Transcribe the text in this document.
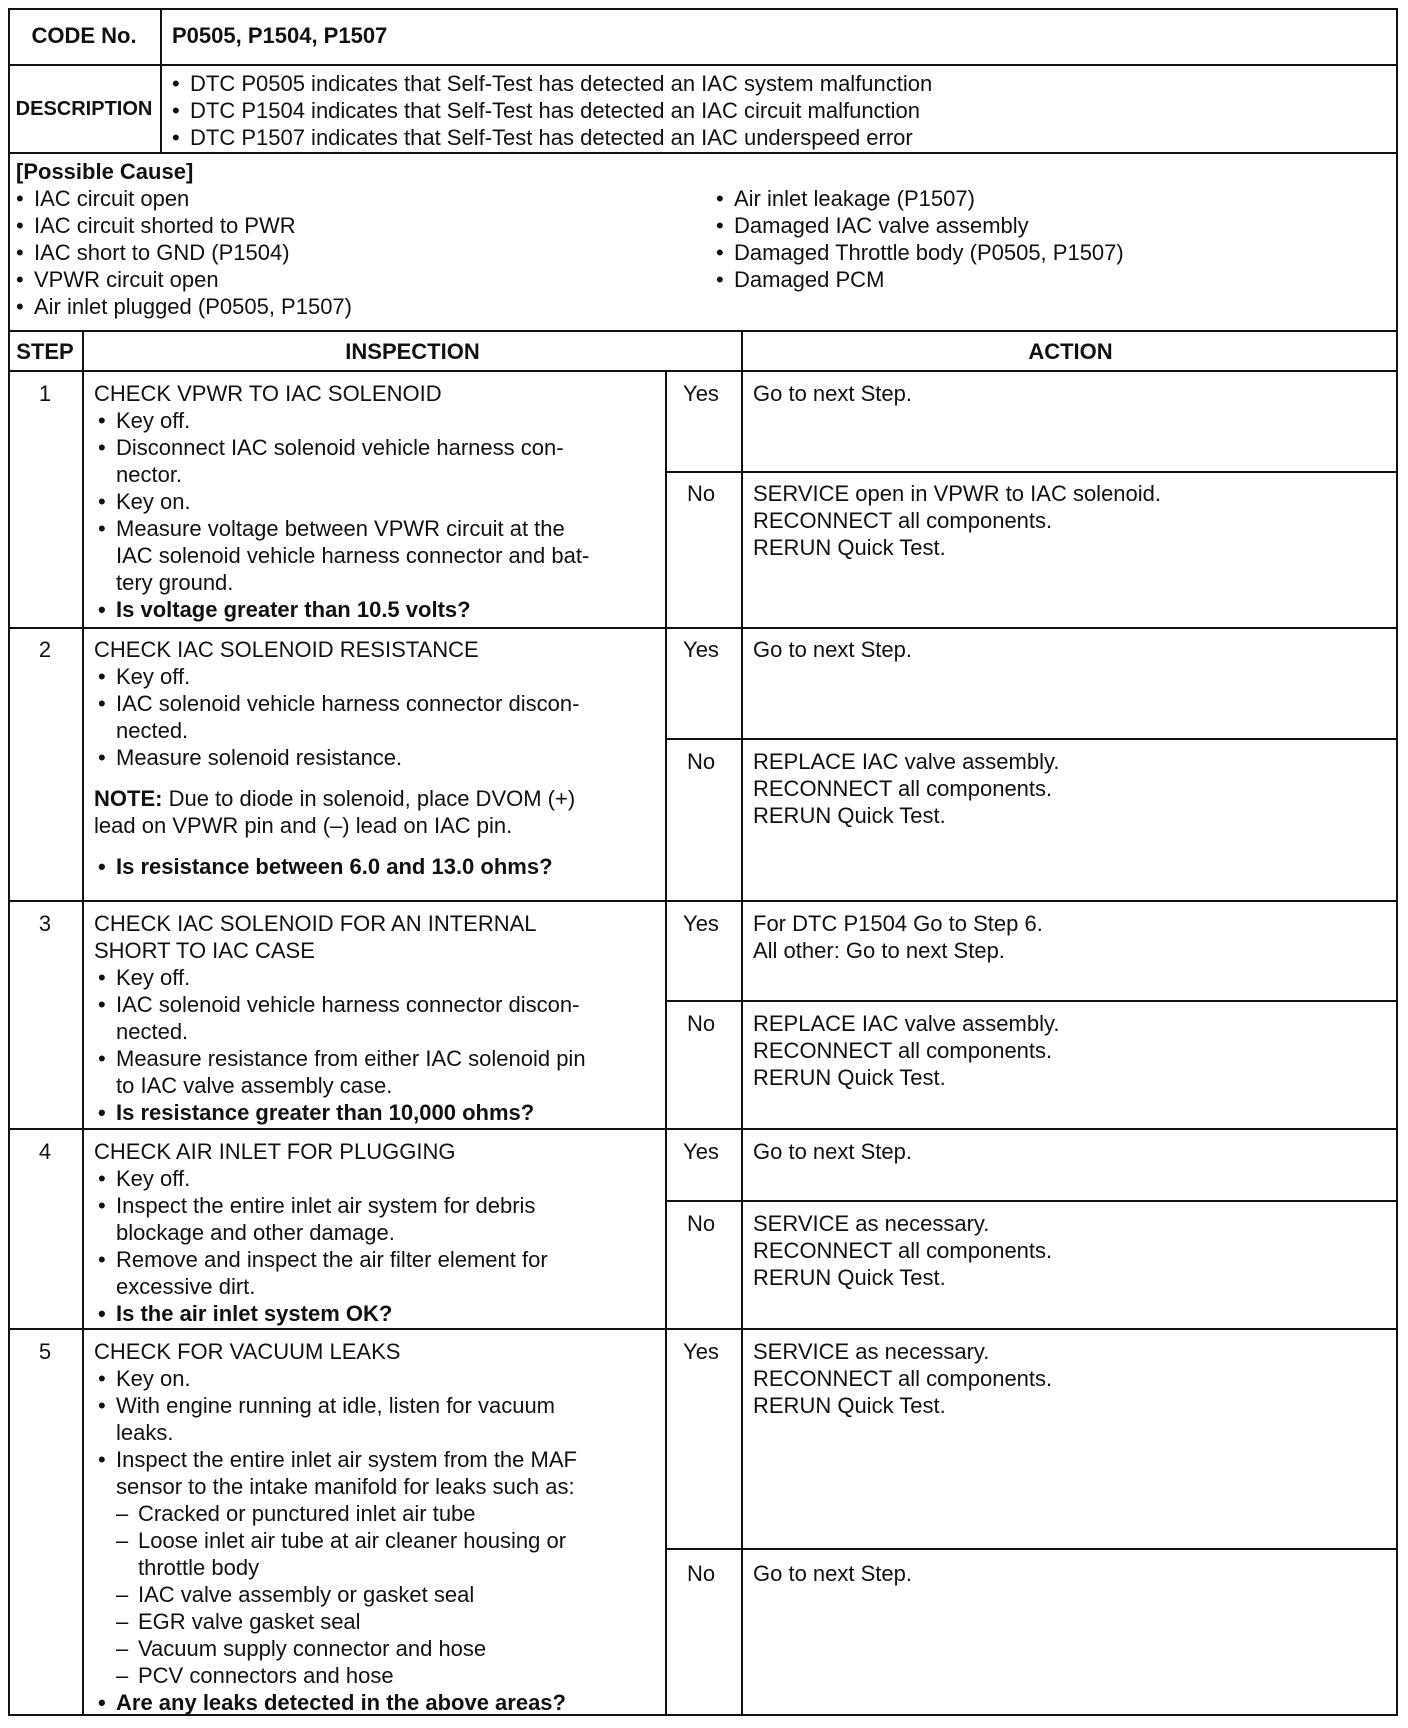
CODE No.	P0505, P1504, P1507
DESCRIPTION
• DTC P0505 indicates that Self-Test has detected an IAC system malfunction
• DTC P1504 indicates that Self-Test has detected an IAC circuit malfunction
• DTC P1507 indicates that Self-Test has detected an IAC underspeed error
[Possible Cause]
• IAC circuit open
• IAC circuit shorted to PWR
• IAC short to GND (P1504)
• VPWR circuit open
• Air inlet plugged (P0505, P1507)
• Air inlet leakage (P1507)
• Damaged IAC valve assembly
• Damaged Throttle body (P0505, P1507)
• Damaged PCM
STEP	INSPECTION	ACTION
1	CHECK VPWR TO IAC SOLENOID
• Key off.
• Disconnect IAC solenoid vehicle harness con-
nector.
• Key on.
• Measure voltage between VPWR circuit at the
IAC solenoid vehicle harness connector and bat-
tery ground.
• Is voltage greater than 10.5 volts?
Yes	Go to next Step.
No	SERVICE open in VPWR to IAC solenoid.
RECONNECT all components.
RERUN Quick Test.
2	CHECK IAC SOLENOID RESISTANCE
• Key off.
• IAC solenoid vehicle harness connector discon-
nected.
• Measure solenoid resistance.
NOTE: Due to diode in solenoid, place DVOM (+)
lead on VPWR pin and (–) lead on IAC pin.
• Is resistance between 6.0 and 13.0 ohms?
Yes	Go to next Step.
No	REPLACE IAC valve assembly.
RECONNECT all components.
RERUN Quick Test.
3	CHECK IAC SOLENOID FOR AN INTERNAL
SHORT TO IAC CASE
• Key off.
• IAC solenoid vehicle harness connector discon-
nected.
• Measure resistance from either IAC solenoid pin
to IAC valve assembly case.
• Is resistance greater than 10,000 ohms?
Yes	For DTC P1504 Go to Step 6.
All other: Go to next Step.
No	REPLACE IAC valve assembly.
RECONNECT all components.
RERUN Quick Test.
4	CHECK AIR INLET FOR PLUGGING
• Key off.
• Inspect the entire inlet air system for debris
blockage and other damage.
• Remove and inspect the air filter element for
excessive dirt.
• Is the air inlet system OK?
Yes	Go to next Step.
No	SERVICE as necessary.
RECONNECT all components.
RERUN Quick Test.
5	CHECK FOR VACUUM LEAKS
• Key on.
• With engine running at idle, listen for vacuum
leaks.
• Inspect the entire inlet air system from the MAF
sensor to the intake manifold for leaks such as:
– Cracked or punctured inlet air tube
– Loose inlet air tube at air cleaner housing or
throttle body
– IAC valve assembly or gasket seal
– EGR valve gasket seal
– Vacuum supply connector and hose
– PCV connectors and hose
• Are any leaks detected in the above areas?
Yes	SERVICE as necessary.
RECONNECT all components.
RERUN Quick Test.
No	Go to next Step.
